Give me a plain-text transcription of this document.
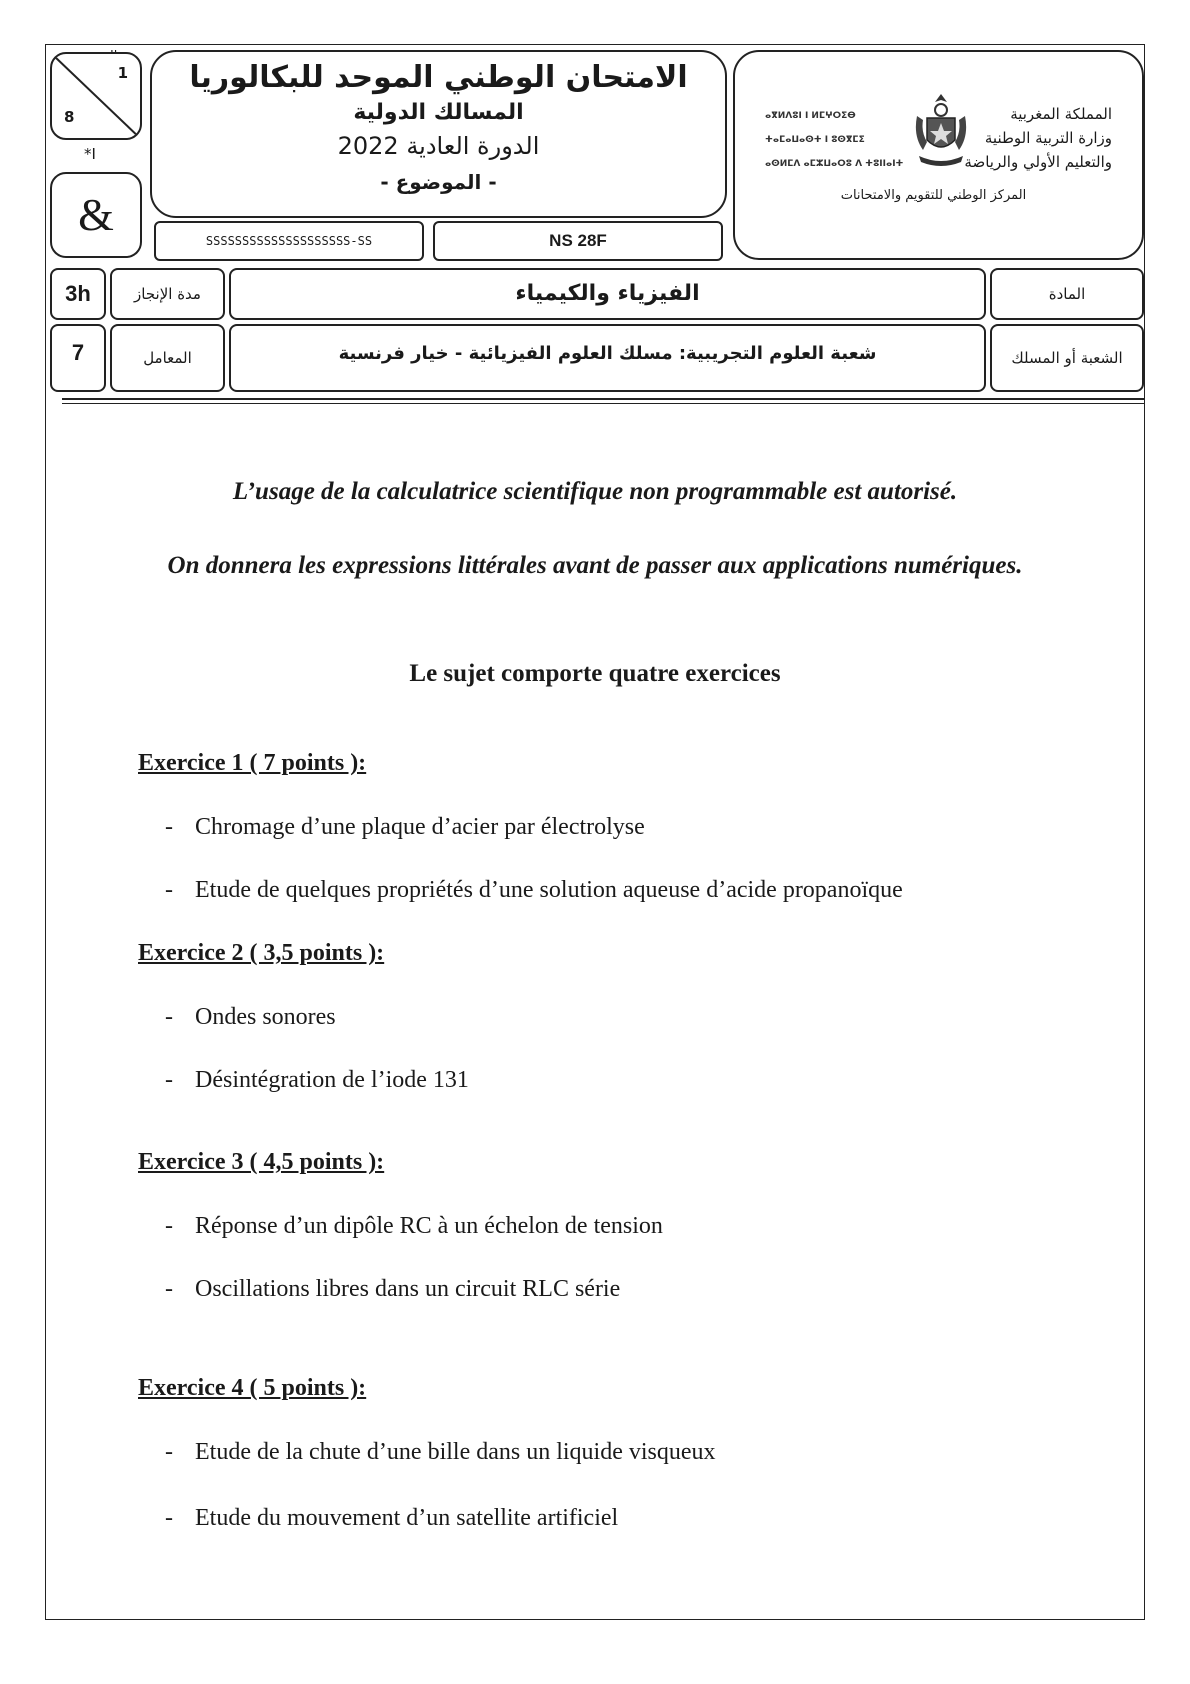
1
8
*I
&
الامتحان الوطني الموحد للبكالوريا
المسالك الدولية
الدورة العادية 2022
- الموضوع -
SSSSSSSSSSSSSSSSSSSS-SS	NS 28F
المملكة المغربية
وزارة التربية الوطنية
والتعليم الأولي والرياضة
ⴰⴳⵍⴷⵓⵏ ⵏ ⵍⵎⵖⵔⵉⴱ
ⵜⴰⵎⴰⵡⴰⵙⵜ ⵏ ⵓⵙⴳⵎⵉ
ⴰⵙⵍⵎⴷ ⴰⵎⵣⵡⴰⵔⵓ ⴷ ⵜⵓⵏⵏⴰⵏⵜ
المركز الوطني للتقويم والامتحانات
3h	مدة الإنجاز	الفيزياء والكيمياء	المادة
7	المعامل	شعبة العلوم التجريبية: مسلك العلوم الفيزيائية - خيار فرنسية	الشعبة أو المسلك
L’usage de la calculatrice scientifique non programmable est autorisé.
On donnera les expressions littérales avant de passer aux applications numériques.
Le sujet comporte quatre exercices
Exercice 1 ( 7 points ):
- Chromage d’une plaque d’acier par électrolyse
- Etude de quelques propriétés d’une solution aqueuse d’acide propanoïque
Exercice 2 ( 3,5 points ):
- Ondes sonores
- Désintégration de l’iode 131
Exercice 3 ( 4,5 points ):
- Réponse d’un dipôle RC à un échelon de tension
- Oscillations libres dans un circuit RLC série
Exercice 4 ( 5 points ):
- Etude de la chute d’une bille dans un liquide visqueux
- Etude du mouvement d’un satellite artificiel
